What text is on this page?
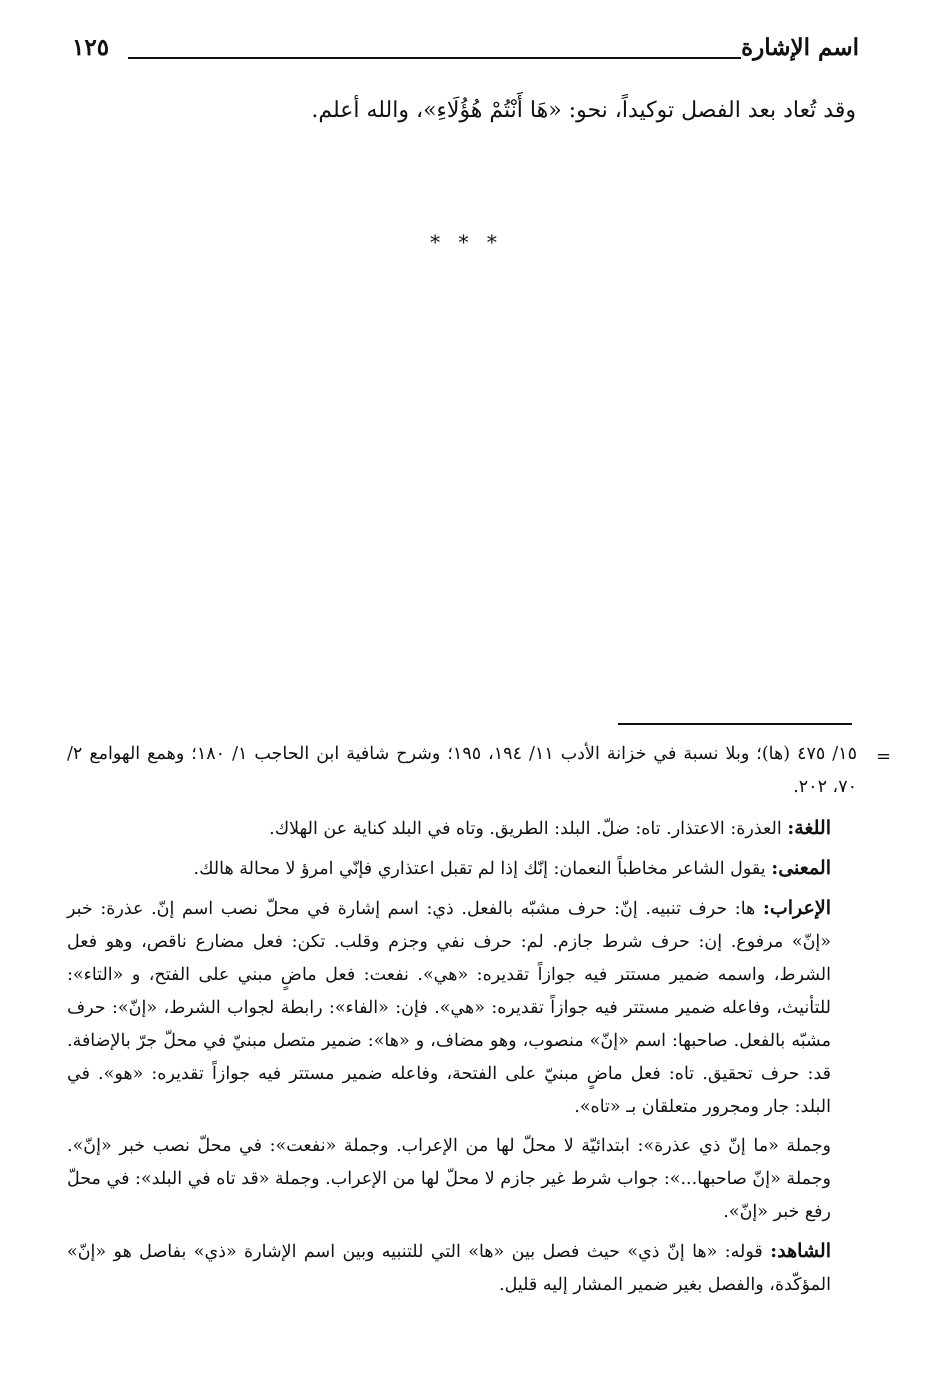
اسم الإشارة
١٢٥
وقد تُعاد بعد الفصل توكيداً، نحو: «هَا أَنْتُمْ هُؤُلَاءِ»، والله أعلم.
* * *
=

١٥/ ٤٧٥ (ها)؛ وبلا نسبة في خزانة الأدب ١١/ ١٩٤، ١٩٥؛ وشرح شافية ابن الحاجب ١/ ١٨٠؛ وهمع الهوامع ٢/ ٧٠، ٢٠٢.

اللغة: العذرة: الاعتذار. تاه: ضلّ. البلد: الطريق. وتاه في البلد كناية عن الهلاك.

المعنى: يقول الشاعر مخاطباً النعمان: إنّك إذا لم تقبل اعتذاري فإنّي امرؤ لا محالة هالك.

الإعراب: ها: حرف تنبيه. إنّ: حرف مشبّه بالفعل. ذي: اسم إشارة في محلّ نصب اسم إنّ. عذرة: خبر «إنّ» مرفوع. إن: حرف شرط جازم. لم: حرف نفي وجزم وقلب. تكن: فعل مضارع ناقص، وهو فعل الشرط، واسمه ضمير مستتر فيه جوازاً تقديره: «هي». نفعت: فعل ماضٍ مبني على الفتح، و «التاء»: للتأنيث، وفاعله ضمير مستتر فيه جوازاً تقديره: «هي». فإن: «الفاء»: رابطة لجواب الشرط، «إنّ»: حرف مشبّه بالفعل. صاحبها: اسم «إنّ» منصوب، وهو مضاف، و «ها»: ضمير متصل مبنيّ في محلّ جرّ بالإضافة. قد: حرف تحقيق. تاه: فعل ماضٍ مبنيّ على الفتحة، وفاعله ضمير مستتر فيه جوازاً تقديره: «هو». في البلد: جار ومجرور متعلقان بـ «تاه».

وجملة «ما إنّ ذي عذرة»: ابتدائيّة لا محلّ لها من الإعراب. وجملة «نفعت»: في محلّ نصب خبر «إنّ». وجملة «إنّ صاحبها...»: جواب شرط غير جازم لا محلّ لها من الإعراب. وجملة «قد تاه في البلد»: في محلّ رفع خبر «إنّ».

الشاهد: قوله: «ها إنّ ذي» حيث فصل بين «ها» التي للتنبيه وبين اسم الإشارة «ذي» بفاصل هو «إنّ» المؤكّدة، والفصل بغير ضمير المشار إليه قليل.
